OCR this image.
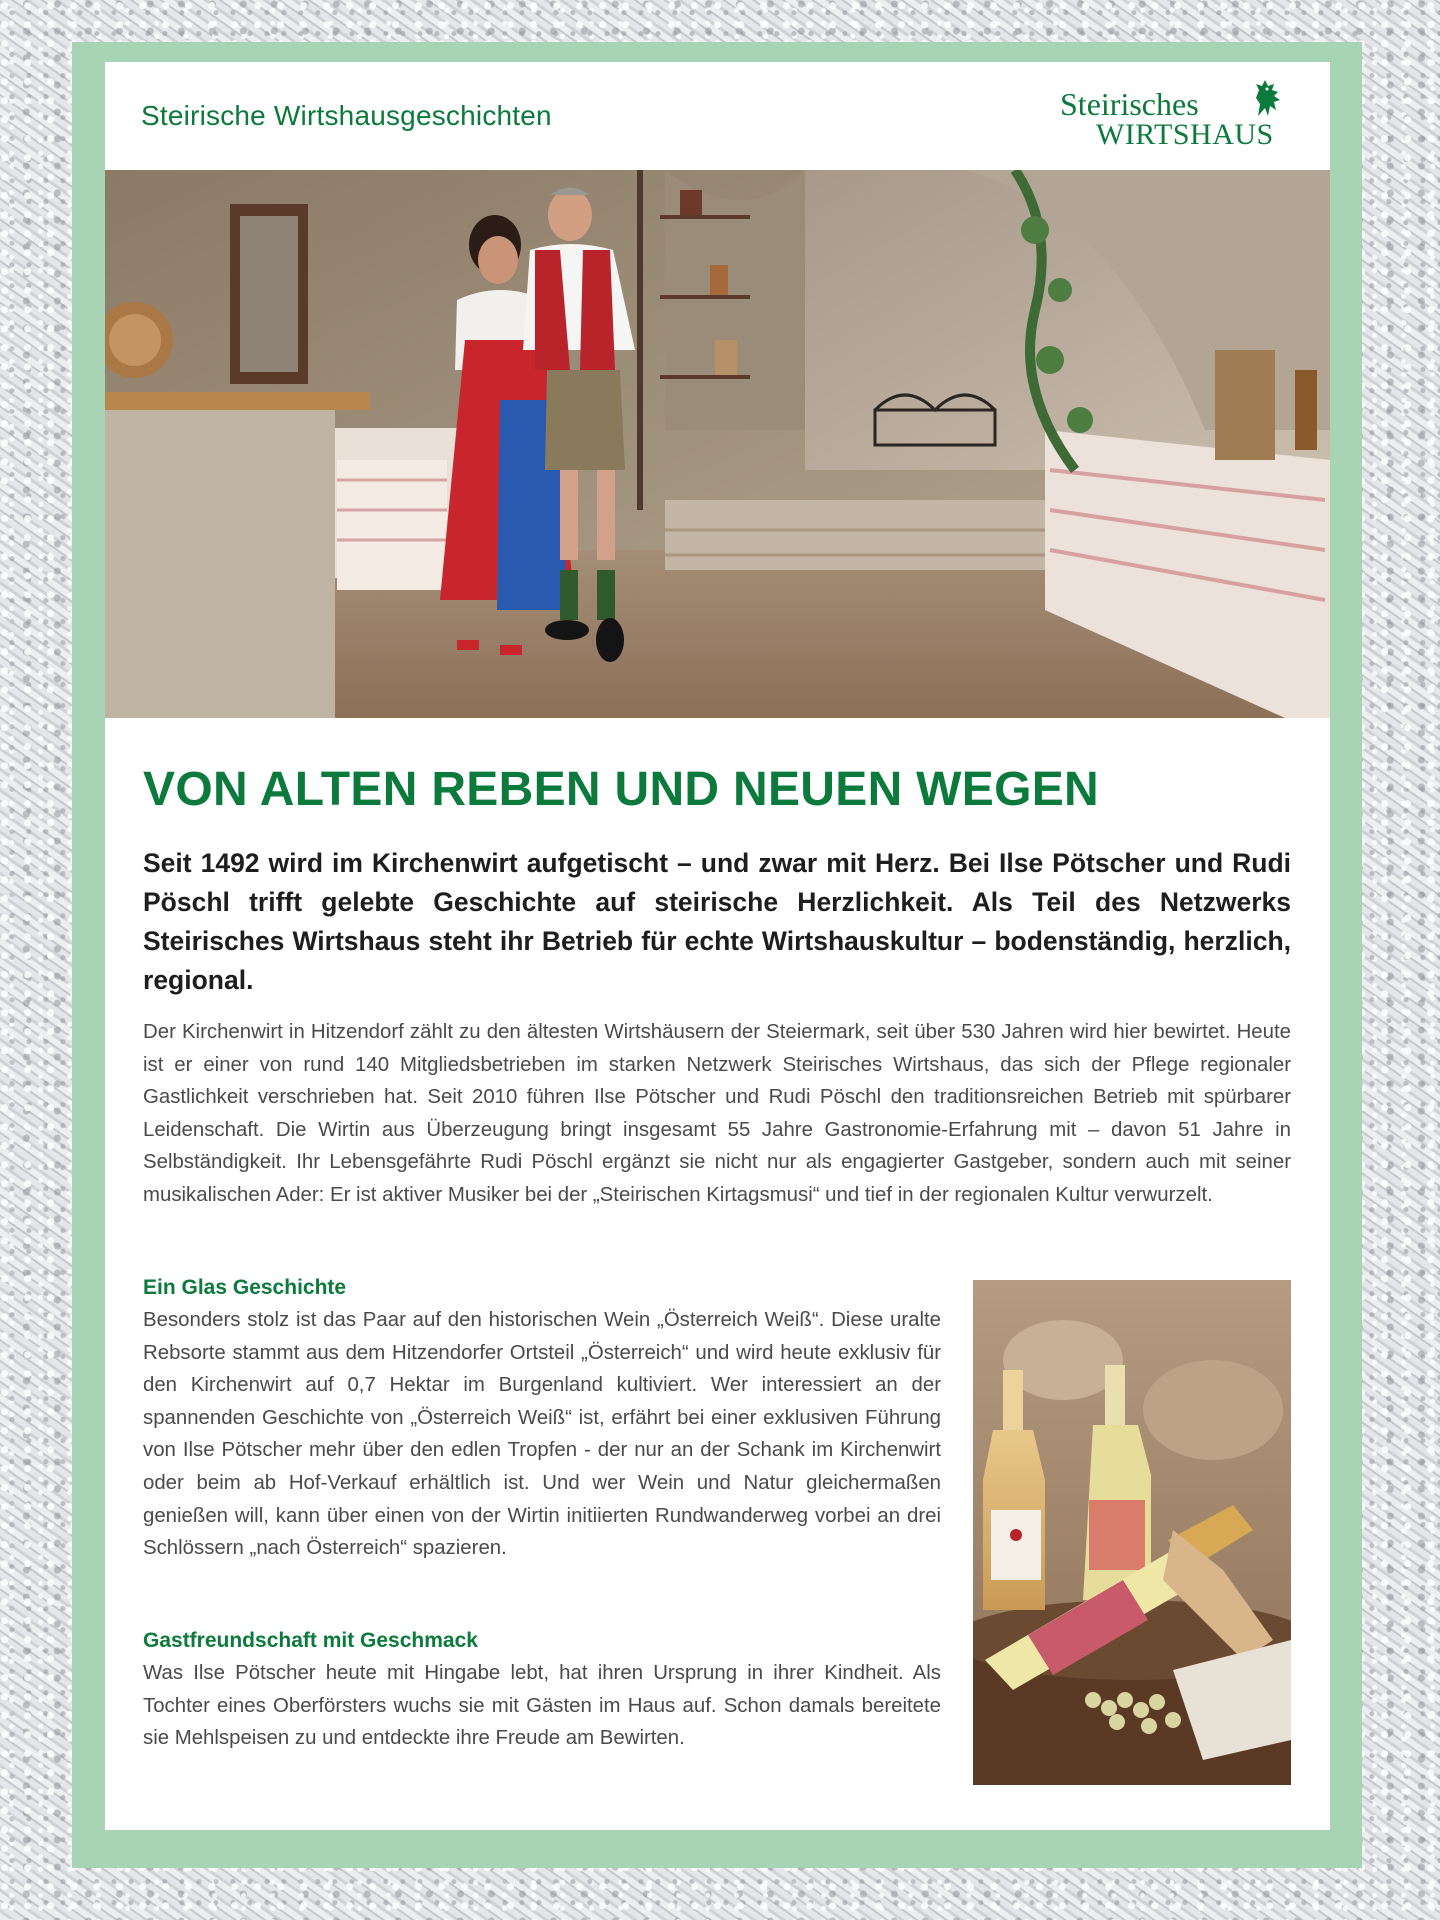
Steirische Wirtshausgeschichten	Steirisches
WIRTSHAUS
VON ALTEN REBEN UND NEUEN WEGEN

Seit 1492 wird im Kirchenwirt aufgetischt – und zwar mit Herz. Bei Ilse Pötscher und Rudi Pöschl trifft gelebte Geschichte auf steirische Herzlichkeit. Als Teil des Netzwerks Steirisches Wirtshaus steht ihr Betrieb für echte Wirtshauskultur – bodenständig, herzlich, regional.

Der Kirchenwirt in Hitzendorf zählt zu den ältesten Wirtshäusern der Steiermark, seit über 530 Jahren wird hier bewirtet. Heute ist er einer von rund 140 Mitgliedsbetrieben im starken Netzwerk Steirisches Wirtshaus, das sich der Pflege regionaler Gastlichkeit verschrieben hat. Seit 2010 führen Ilse Pötscher und Rudi Pöschl den traditionsreichen Betrieb mit spürbarer Leidenschaft. Die Wirtin aus Überzeugung bringt insgesamt 55 Jahre Gastronomie-Erfahrung mit – davon 51 Jahre in Selbständigkeit. Ihr Lebensgefährte Rudi Pöschl ergänzt sie nicht nur als engagierter Gastgeber, sondern auch mit seiner musikalischen Ader: Er ist aktiver Musiker bei der „Steirischen Kirtagsmusi“ und tief in der regionalen Kultur verwurzelt.

Ein Glas Geschichte

Besonders stolz ist das Paar auf den historischen Wein „Österreich Weiß“. Diese uralte Rebsorte stammt aus dem Hitzendorfer Ortsteil „Österreich“ und wird heute exklusiv für den Kirchenwirt auf 0,7 Hektar im Burgenland kultiviert. Wer interessiert an der spannenden Geschichte von „Österreich Weiß“ ist, erfährt bei einer exklusiven Führung von Ilse Pötscher mehr über den edlen Tropfen - der nur an der Schank im Kirchenwirt oder beim ab Hof-Verkauf erhältlich ist. Und wer Wein und Natur gleichermaßen genießen will, kann über einen von der Wirtin initiierten Rundwanderweg vorbei an drei Schlössern „nach Österreich“ spazieren.

Gastfreundschaft mit Geschmack

Was Ilse Pötscher heute mit Hingabe lebt, hat ihren Ursprung in ihrer Kindheit. Als Tochter eines Oberförsters wuchs sie mit Gästen im Haus auf. Schon damals bereitete sie Mehlspeisen zu und entdeckte ihre Freude am Bewirten.
